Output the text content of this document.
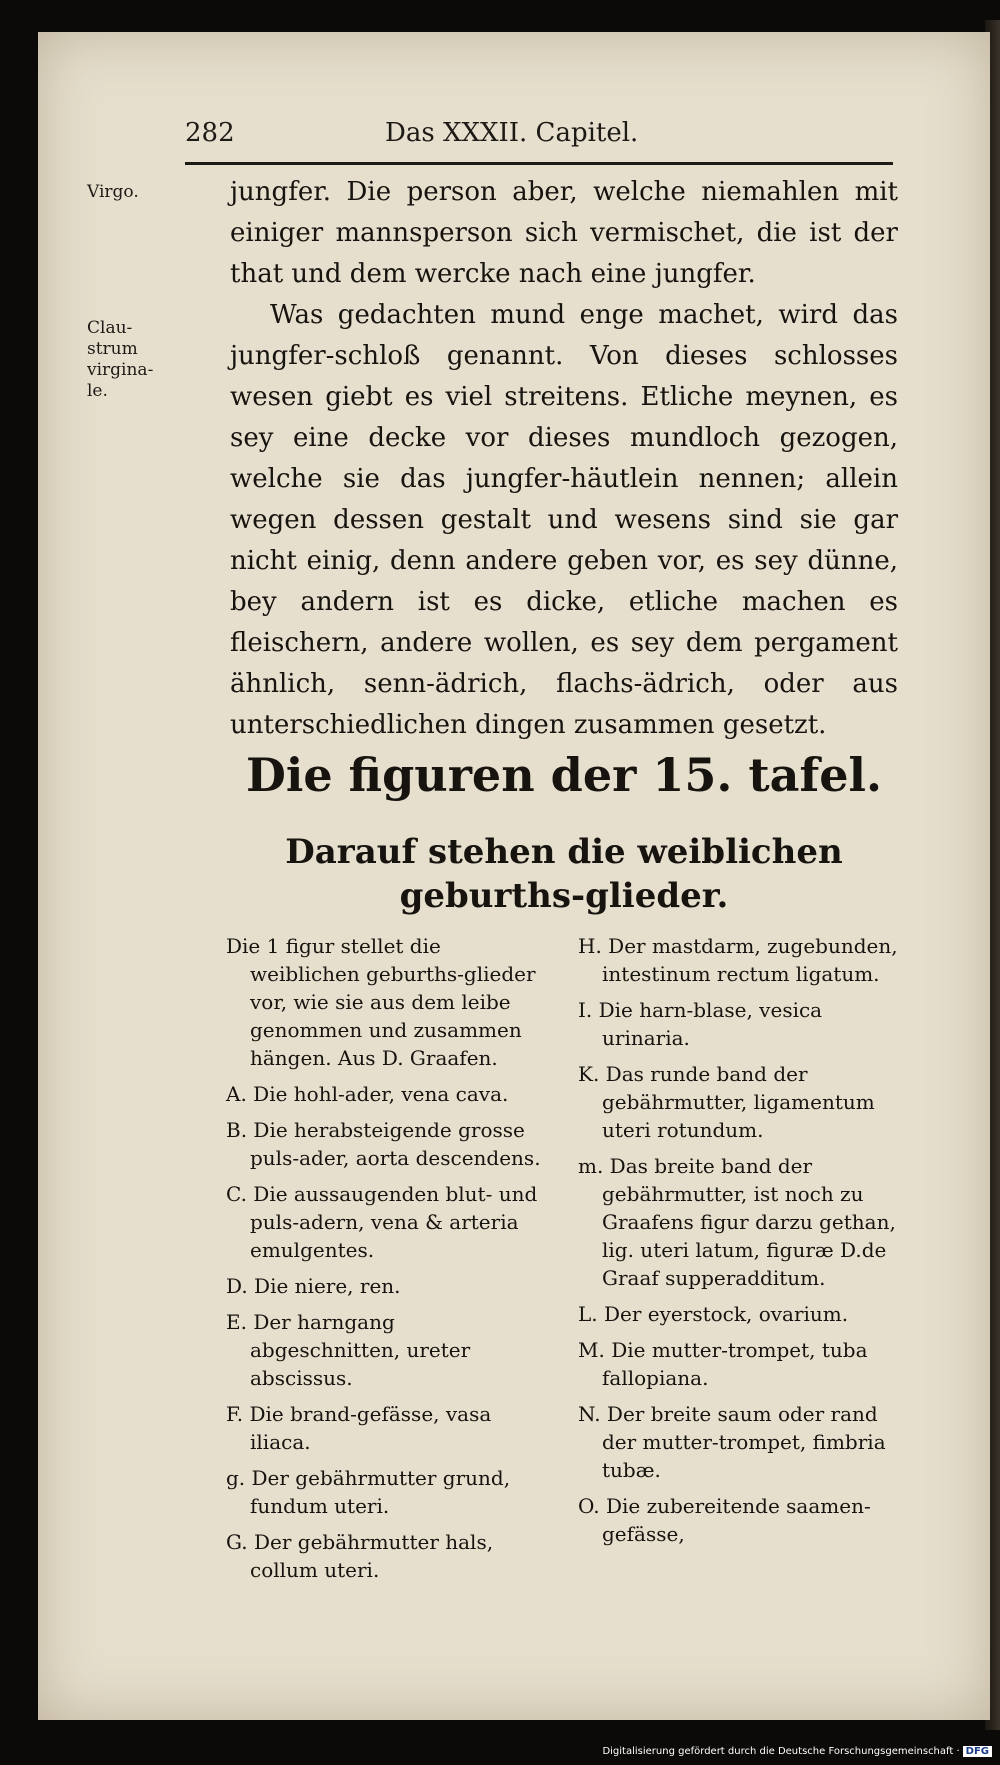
282	Das XXXII. Capitel.
Virgo.
Clau-
strum
virgina-
le.

jungfer. Die person aber, welche niemahlen mit einiger mannsperson sich vermischet, die ist der that und dem wercke nach eine jungfer.

Was gedachten mund enge machet, wird das jungfer-schloß genannt. Von dieses schlosses wesen giebt es viel streitens. Etliche meynen, es sey eine decke vor dieses mundloch gezogen, welche sie das jungfer-häutlein nennen; allein wegen dessen gestalt und wesens sind sie gar nicht einig, denn andere geben vor, es sey dünne, bey andern ist es dicke, etliche machen es fleischern, andere wollen, es sey dem pergament ähnlich, senn-ädrich, flachs-ädrich, oder aus unterschiedlichen dingen zusammen gesetzt.

Die figuren der 15. tafel.
Darauf stehen die weiblichen geburths-glieder.

Die 1 figur stellet die weiblichen geburths-glieder vor, wie sie aus dem leibe genommen und zusammen hängen. Aus D. Graafen.

A. Die hohl-ader, vena cava.

B. Die herabsteigende grosse puls-ader, aorta descendens.

C. Die aussaugenden blut- und puls-adern, vena & arteria emulgentes.

D. Die niere, ren.

E. Der harngang abgeschnitten, ureter abscissus.

F. Die brand-gefässe, vasa iliaca.

g. Der gebährmutter grund, fundum uteri.

G. Der gebährmutter hals, collum uteri.

H. Der mastdarm, zugebunden, intestinum rectum ligatum.

I. Die harn-blase, vesica urinaria.

K. Das runde band der gebährmutter, ligamentum uteri rotundum.

m. Das breite band der gebährmutter, ist noch zu Graafens figur darzu gethan, lig. uteri latum, figuræ D.de Graaf supperadditum.

L. Der eyerstock, ovarium.

M. Die mutter-trompet, tuba fallopiana.

N. Der breite saum oder rand der mutter-trompet, fimbria tubæ.

O. Die zubereitende saamen-gefässe,

Digitalisierung gefördert durch die Deutsche Forschungsgemeinschaft · DFG
